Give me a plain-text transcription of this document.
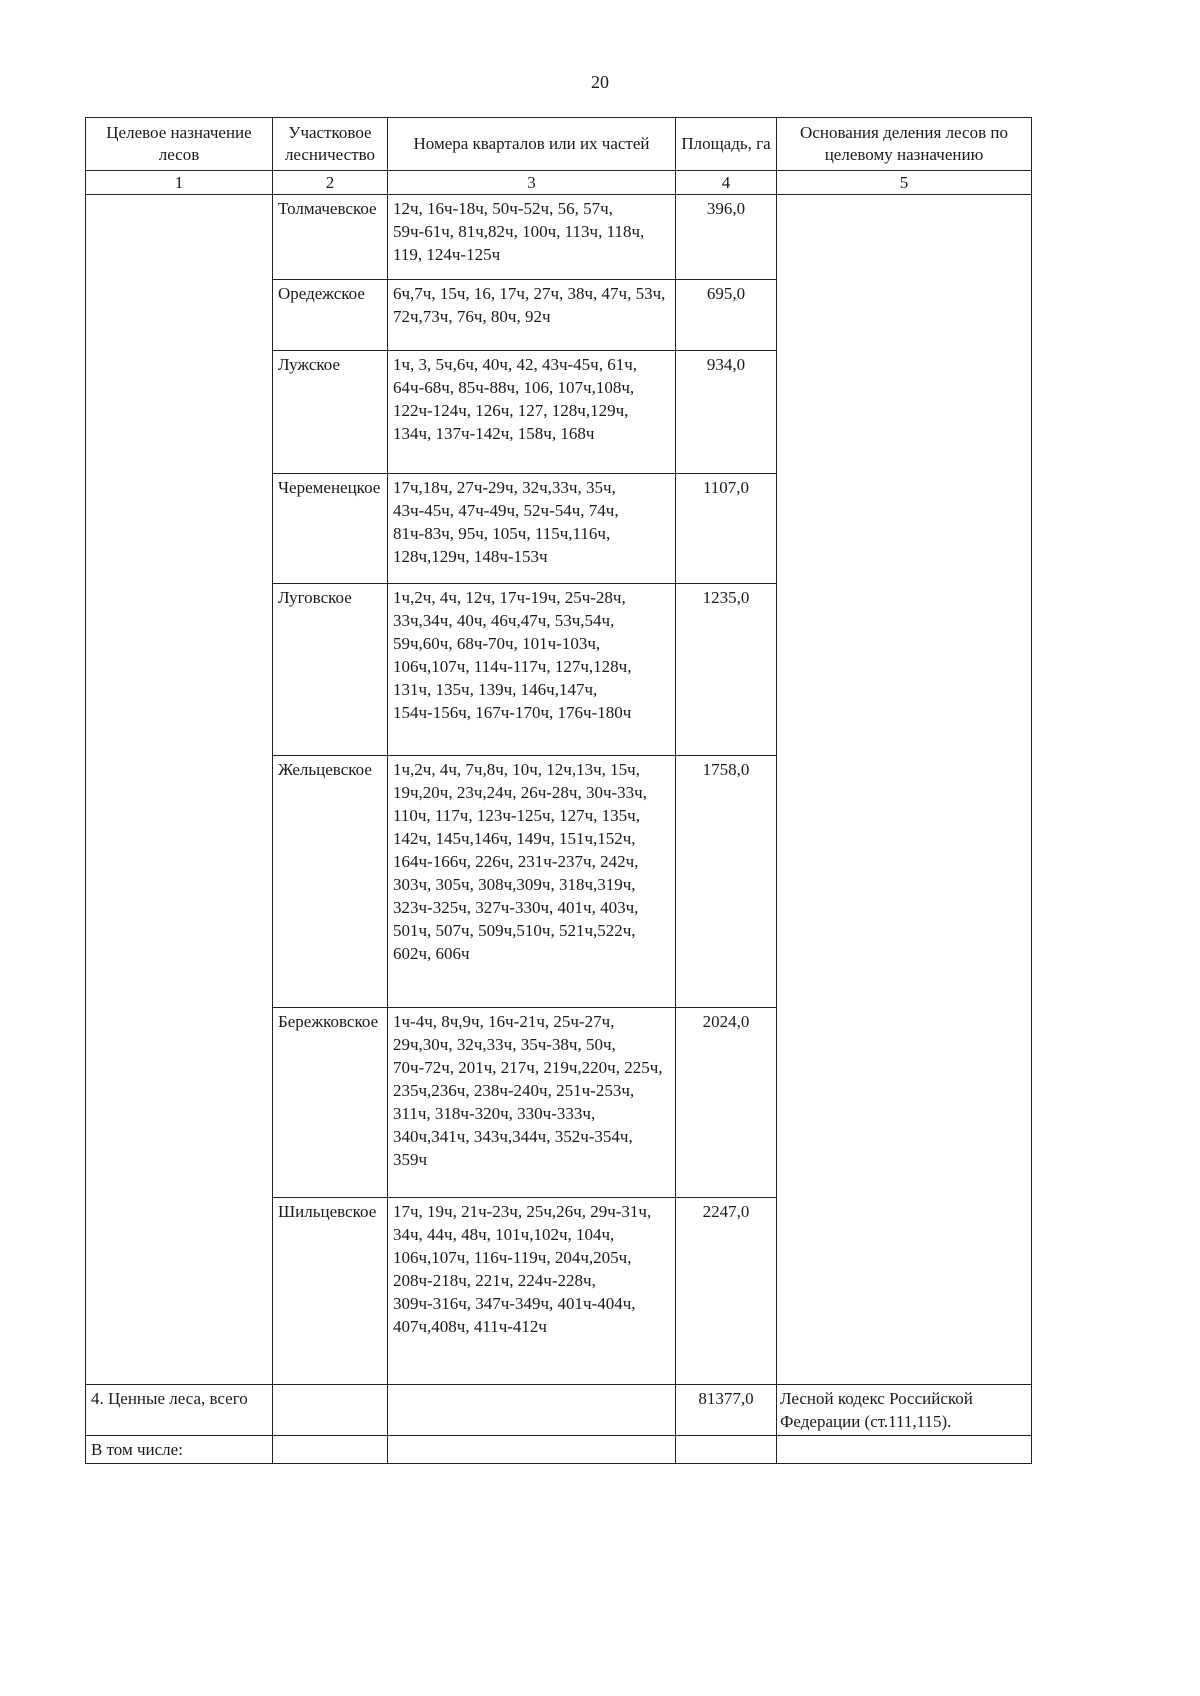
20
Целевое назначение лесов	Участковое лесничество	Номера кварталов или их частей	Площадь, га	Основания деления лесов по целевому назначению
1	2	3	4	5
	Толмачевское	12ч, 16ч-18ч, 50ч-52ч, 56, 57ч, 59ч-61ч, 81ч,82ч, 100ч, 113ч, 118ч, 119, 124ч-125ч	396,0	
	Оредежское	6ч,7ч, 15ч, 16, 17ч, 27ч, 38ч, 47ч, 53ч, 72ч,73ч, 76ч, 80ч, 92ч	695,0	
	Лужское	1ч, 3, 5ч,6ч, 40ч, 42, 43ч-45ч, 61ч, 64ч-68ч, 85ч-88ч, 106, 107ч,108ч, 122ч-124ч, 126ч, 127, 128ч,129ч, 134ч, 137ч-142ч, 158ч, 168ч	934,0	
	Череменецкое	17ч,18ч, 27ч-29ч, 32ч,33ч, 35ч, 43ч-45ч, 47ч-49ч, 52ч-54ч, 74ч, 81ч-83ч, 95ч, 105ч, 115ч,116ч, 128ч,129ч, 148ч-153ч	1107,0	
	Луговское	1ч,2ч, 4ч, 12ч, 17ч-19ч, 25ч-28ч, 33ч,34ч, 40ч, 46ч,47ч, 53ч,54ч, 59ч,60ч, 68ч-70ч, 101ч-103ч, 106ч,107ч, 114ч-117ч, 127ч,128ч, 131ч, 135ч, 139ч, 146ч,147ч, 154ч-156ч, 167ч-170ч, 176ч-180ч	1235,0	
	Жельцевское	1ч,2ч, 4ч, 7ч,8ч, 10ч, 12ч,13ч, 15ч, 19ч,20ч, 23ч,24ч, 26ч-28ч, 30ч-33ч, 110ч, 117ч, 123ч-125ч, 127ч, 135ч, 142ч, 145ч,146ч, 149ч, 151ч,152ч, 164ч-166ч, 226ч, 231ч-237ч, 242ч, 303ч, 305ч, 308ч,309ч, 318ч,319ч, 323ч-325ч, 327ч-330ч, 401ч, 403ч, 501ч, 507ч, 509ч,510ч, 521ч,522ч, 602ч, 606ч	1758,0	
	Бережковское	1ч-4ч, 8ч,9ч, 16ч-21ч, 25ч-27ч, 29ч,30ч, 32ч,33ч, 35ч-38ч, 50ч, 70ч-72ч, 201ч, 217ч, 219ч,220ч, 225ч, 235ч,236ч, 238ч-240ч, 251ч-253ч, 311ч, 318ч-320ч, 330ч-333ч, 340ч,341ч, 343ч,344ч, 352ч-354ч, 359ч	2024,0	
	Шильцевское	17ч, 19ч, 21ч-23ч, 25ч,26ч, 29ч-31ч, 34ч, 44ч, 48ч, 101ч,102ч, 104ч, 106ч,107ч, 116ч-119ч, 204ч,205ч, 208ч-218ч, 221ч, 224ч-228ч, 309ч-316ч, 347ч-349ч, 401ч-404ч, 407ч,408ч, 411ч-412ч	2247,0	
4. Ценные леса, всего			81377,0	Лесной кодекс Российской Федерации (ст.111,115).
В том числе:				
